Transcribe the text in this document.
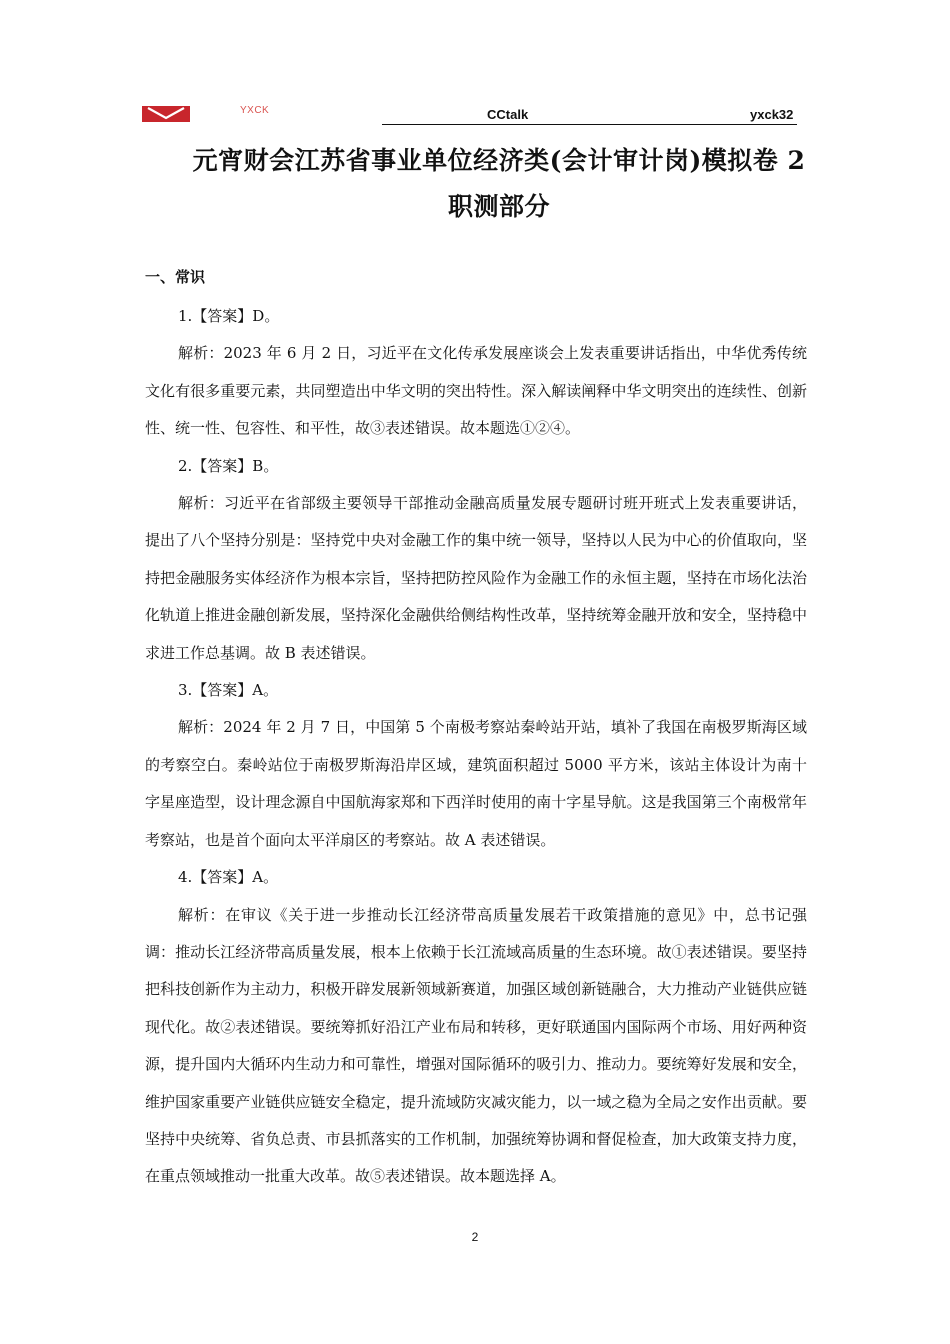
YXCK	CCtalk	yxck32
元宵财会江苏省事业单位经济类(会计审计岗)模拟卷 2
职测部分
一、常识

1.【答案】D。

解析：2023 年 6 月 2 日，习近平在文化传承发展座谈会上发表重要讲话指出，中华优秀传统文化有很多重要元素，共同塑造出中华文明的突出特性。深入解读阐释中华文明突出的连续性、创新性、统一性、包容性、和平性，故③表述错误。故本题选①②④。

2.【答案】B。

解析：习近平在省部级主要领导干部推动金融高质量发展专题研讨班开班式上发表重要讲话，提出了八个坚持分别是：坚持党中央对金融工作的集中统一领导，坚持以人民为中心的价值取向，坚持把金融服务实体经济作为根本宗旨，坚持把防控风险作为金融工作的永恒主题，坚持在市场化法治化轨道上推进金融创新发展，坚持深化金融供给侧结构性改革，坚持统筹金融开放和安全，坚持稳中求进工作总基调。故 B 表述错误。

3.【答案】A。

解析：2024 年 2 月 7 日，中国第 5 个南极考察站秦岭站开站，填补了我国在南极罗斯海区域的考察空白。秦岭站位于南极罗斯海沿岸区域，建筑面积超过 5000 平方米，该站主体设计为南十字星座造型，设计理念源自中国航海家郑和下西洋时使用的南十字星导航。这是我国第三个南极常年考察站，也是首个面向太平洋扇区的考察站。故 A 表述错误。

4.【答案】A。

解析：在审议《关于进一步推动长江经济带高质量发展若干政策措施的意见》中，总书记强调：推动长江经济带高质量发展，根本上依赖于长江流域高质量的生态环境。故①表述错误。要坚持把科技创新作为主动力，积极开辟发展新领域新赛道，加强区域创新链融合，大力推动产业链供应链现代化。故②表述错误。要统筹抓好沿江产业布局和转移，更好联通国内国际两个市场、用好两种资源，提升国内大循环内生动力和可靠性，增强对国际循环的吸引力、推动力。要统筹好发展和安全，维护国家重要产业链供应链安全稳定，提升流域防灾减灾能力，以一域之稳为全局之安作出贡献。要坚持中央统筹、省负总责、市县抓落实的工作机制，加强统筹协调和督促检查，加大政策支持力度，在重点领域推动一批重大改革。故⑤表述错误。故本题选择 A。

2
